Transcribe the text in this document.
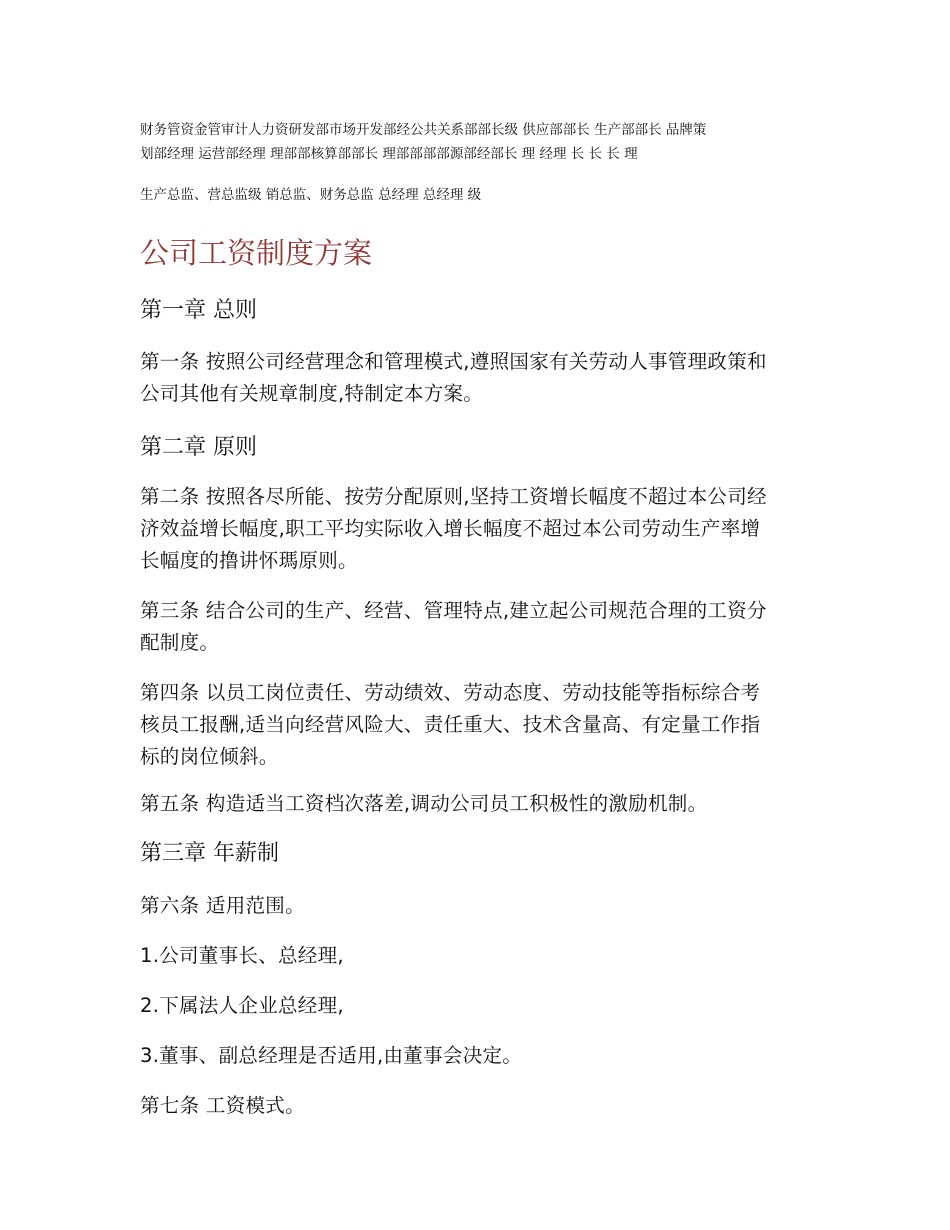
财务管资金管审计人力资研发部市场开发部经公共关系部部长级 供应部部长 生产部部长 品牌策
划部经理 运营部经理 理部部核算部部长 理部部部部源部经部长 理 经理 长 长 长 理
生产总监、营总监级 销总监、财务总监 总经理 总经理 级
公司工资制度方案
第一章 总则
第一条 按照公司经营理念和管理模式,遵照国家有关劳动人事管理政策和
公司其他有关规章制度,特制定本方案。
第二章 原则
第二条 按照各尽所能、按劳分配原则,坚持工资增长幅度不超过本公司经
济效益增长幅度,职工平均实际收入增长幅度不超过本公司劳动生产率增
长幅度的撸讲怀瑪原则。
第三条 结合公司的生产、经营、管理特点,建立起公司规范合理的工资分
配制度。
第四条 以员工岗位责任、劳动绩效、劳动态度、劳动技能等指标综合考
核员工报酬,适当向经营风险大、责任重大、技术含量高、有定量工作指
标的岗位倾斜。
第五条 构造适当工资档次落差,调动公司员工积极性的激励机制。
第三章 年薪制
第六条 适用范围。
1.公司董事长、总经理,
2.下属法人企业总经理,
3.董事、副总经理是否适用,由董事会决定。
第七条 工资模式。
